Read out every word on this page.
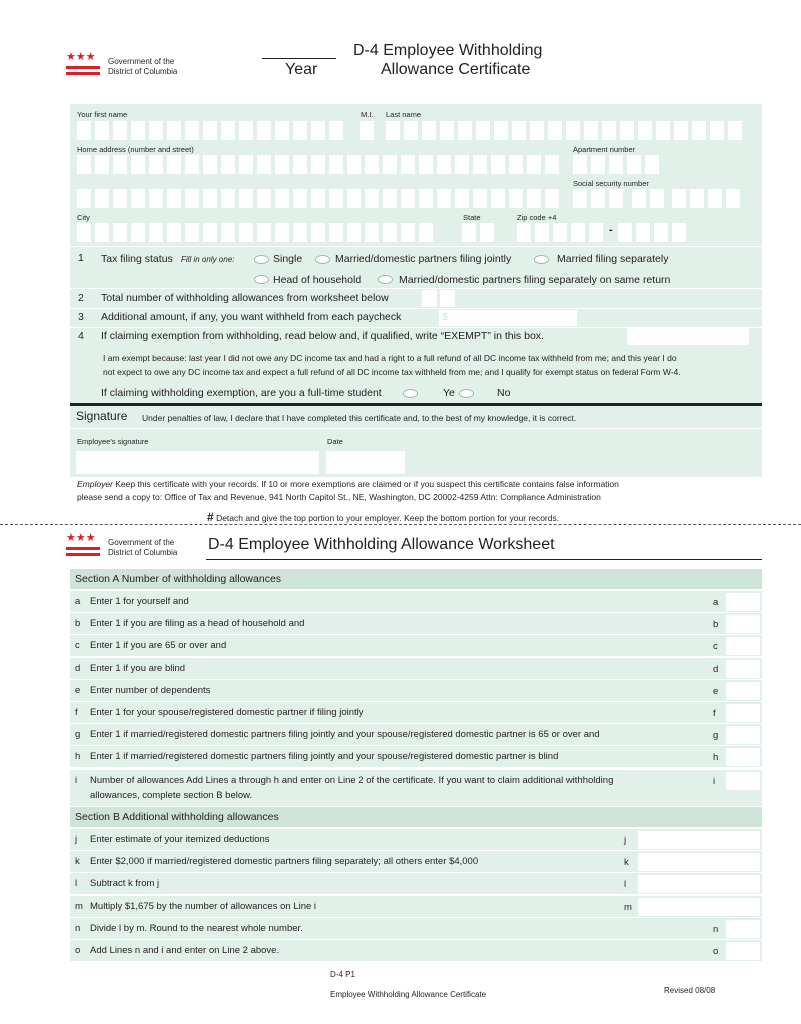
★★★ Government of the
District of Columbia	Year
D-4 Employee Withholding
Allowance Certificate
Your first name	M.I. Last name
Home address (number and street)	Apartment number
Social security number
City	State	Zip code +4
-
1 Tax filing status Fill in only one:	Single	Married/domestic partners filing jointly	Married filing separately
Head of household	Married/domestic partners filing separately on same return
2 Total number of withholding allowances from worksheet below
3 Additional amount, if any, you want withheld from each paycheck	$
4 If claiming exemption from withholding, read below and, if qualified, write “EXEMPT” in this box.
I am exempt because: last year I did not owe any DC income tax and had a right to a full refund of all DC income tax withheld from me; and this year I do
not expect to owe any DC income tax and expect a full refund of all DC income tax withheld from me; and I qualify for exempt status on federal Form W-4.
If claiming withholding exemption, are you a full-time student	Ye	No
Signature Under penalties of law, I declare that I have completed this certificate and, to the best of my knowledge, it is correct.
Employee's signature	Date
Employer Keep this certificate with your records. If 10 or more exemptions are claimed or if you suspect this certificate contains false information
please send a copy to: Office of Tax and Revenue, 941 North Capitol St., NE, Washington, DC 20002-4259 Attn: Compliance Administration
# Detach and give the top portion to your employer. Keep the bottom portion for your records.
★★★ Government of the
District of Columbia D-4 Employee Withholding Allowance Worksheet
Section A Number of withholding allowances
a Enter 1 for yourself and	a
b Enter 1 if you are filing as a head of household and	b
c Enter 1 if you are 65 or over and	c
d Enter 1 if you are blind	d
e Enter number of dependents	e
f Enter 1 for your spouse/registered domestic partner if filing jointly	f
g Enter 1 if married/registered domestic partners filing jointly and your spouse/registered domestic partner is 65 or over and	g
h Enter 1 if married/registered domestic partners filing jointly and your spouse/registered domestic partner is blind	h
i Number of allowances Add Lines a through h and enter on Line 2 of the certificate. If you want to claim additional withholding
allowances, complete section B below.
i
Section B Additional withholding allowances
j Enter estimate of your itemized deductions	j
k Enter $2,000 if married/registered domestic partners filing separately; all others enter $4,000	k
l Subtract k from j	l
m Multiply $1,675 by the number of allowances on Line i	m
n Divide l by m. Round to the nearest whole number.	n
o Add Lines n and i and enter on Line 2 above.	o
D-4 P1
Employee Withholding Allowance Certificate	Revised 08/08
